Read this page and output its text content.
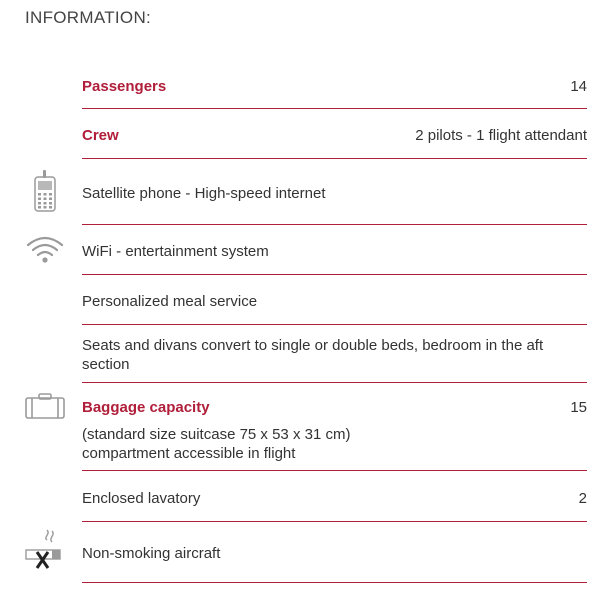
INFORMATION:
Passengers	14
Crew	2 pilots - 1 flight attendant
Satellite phone - High-speed internet
WiFi - entertainment system
Personalized meal service
Seats and divans convert to single or double beds, bedroom in the aft section
Baggage capacity	15
(standard size suitcase 75 x 53 x 31 cm)
compartment accessible in flight
Enclosed lavatory	2
Non-smoking aircraft
